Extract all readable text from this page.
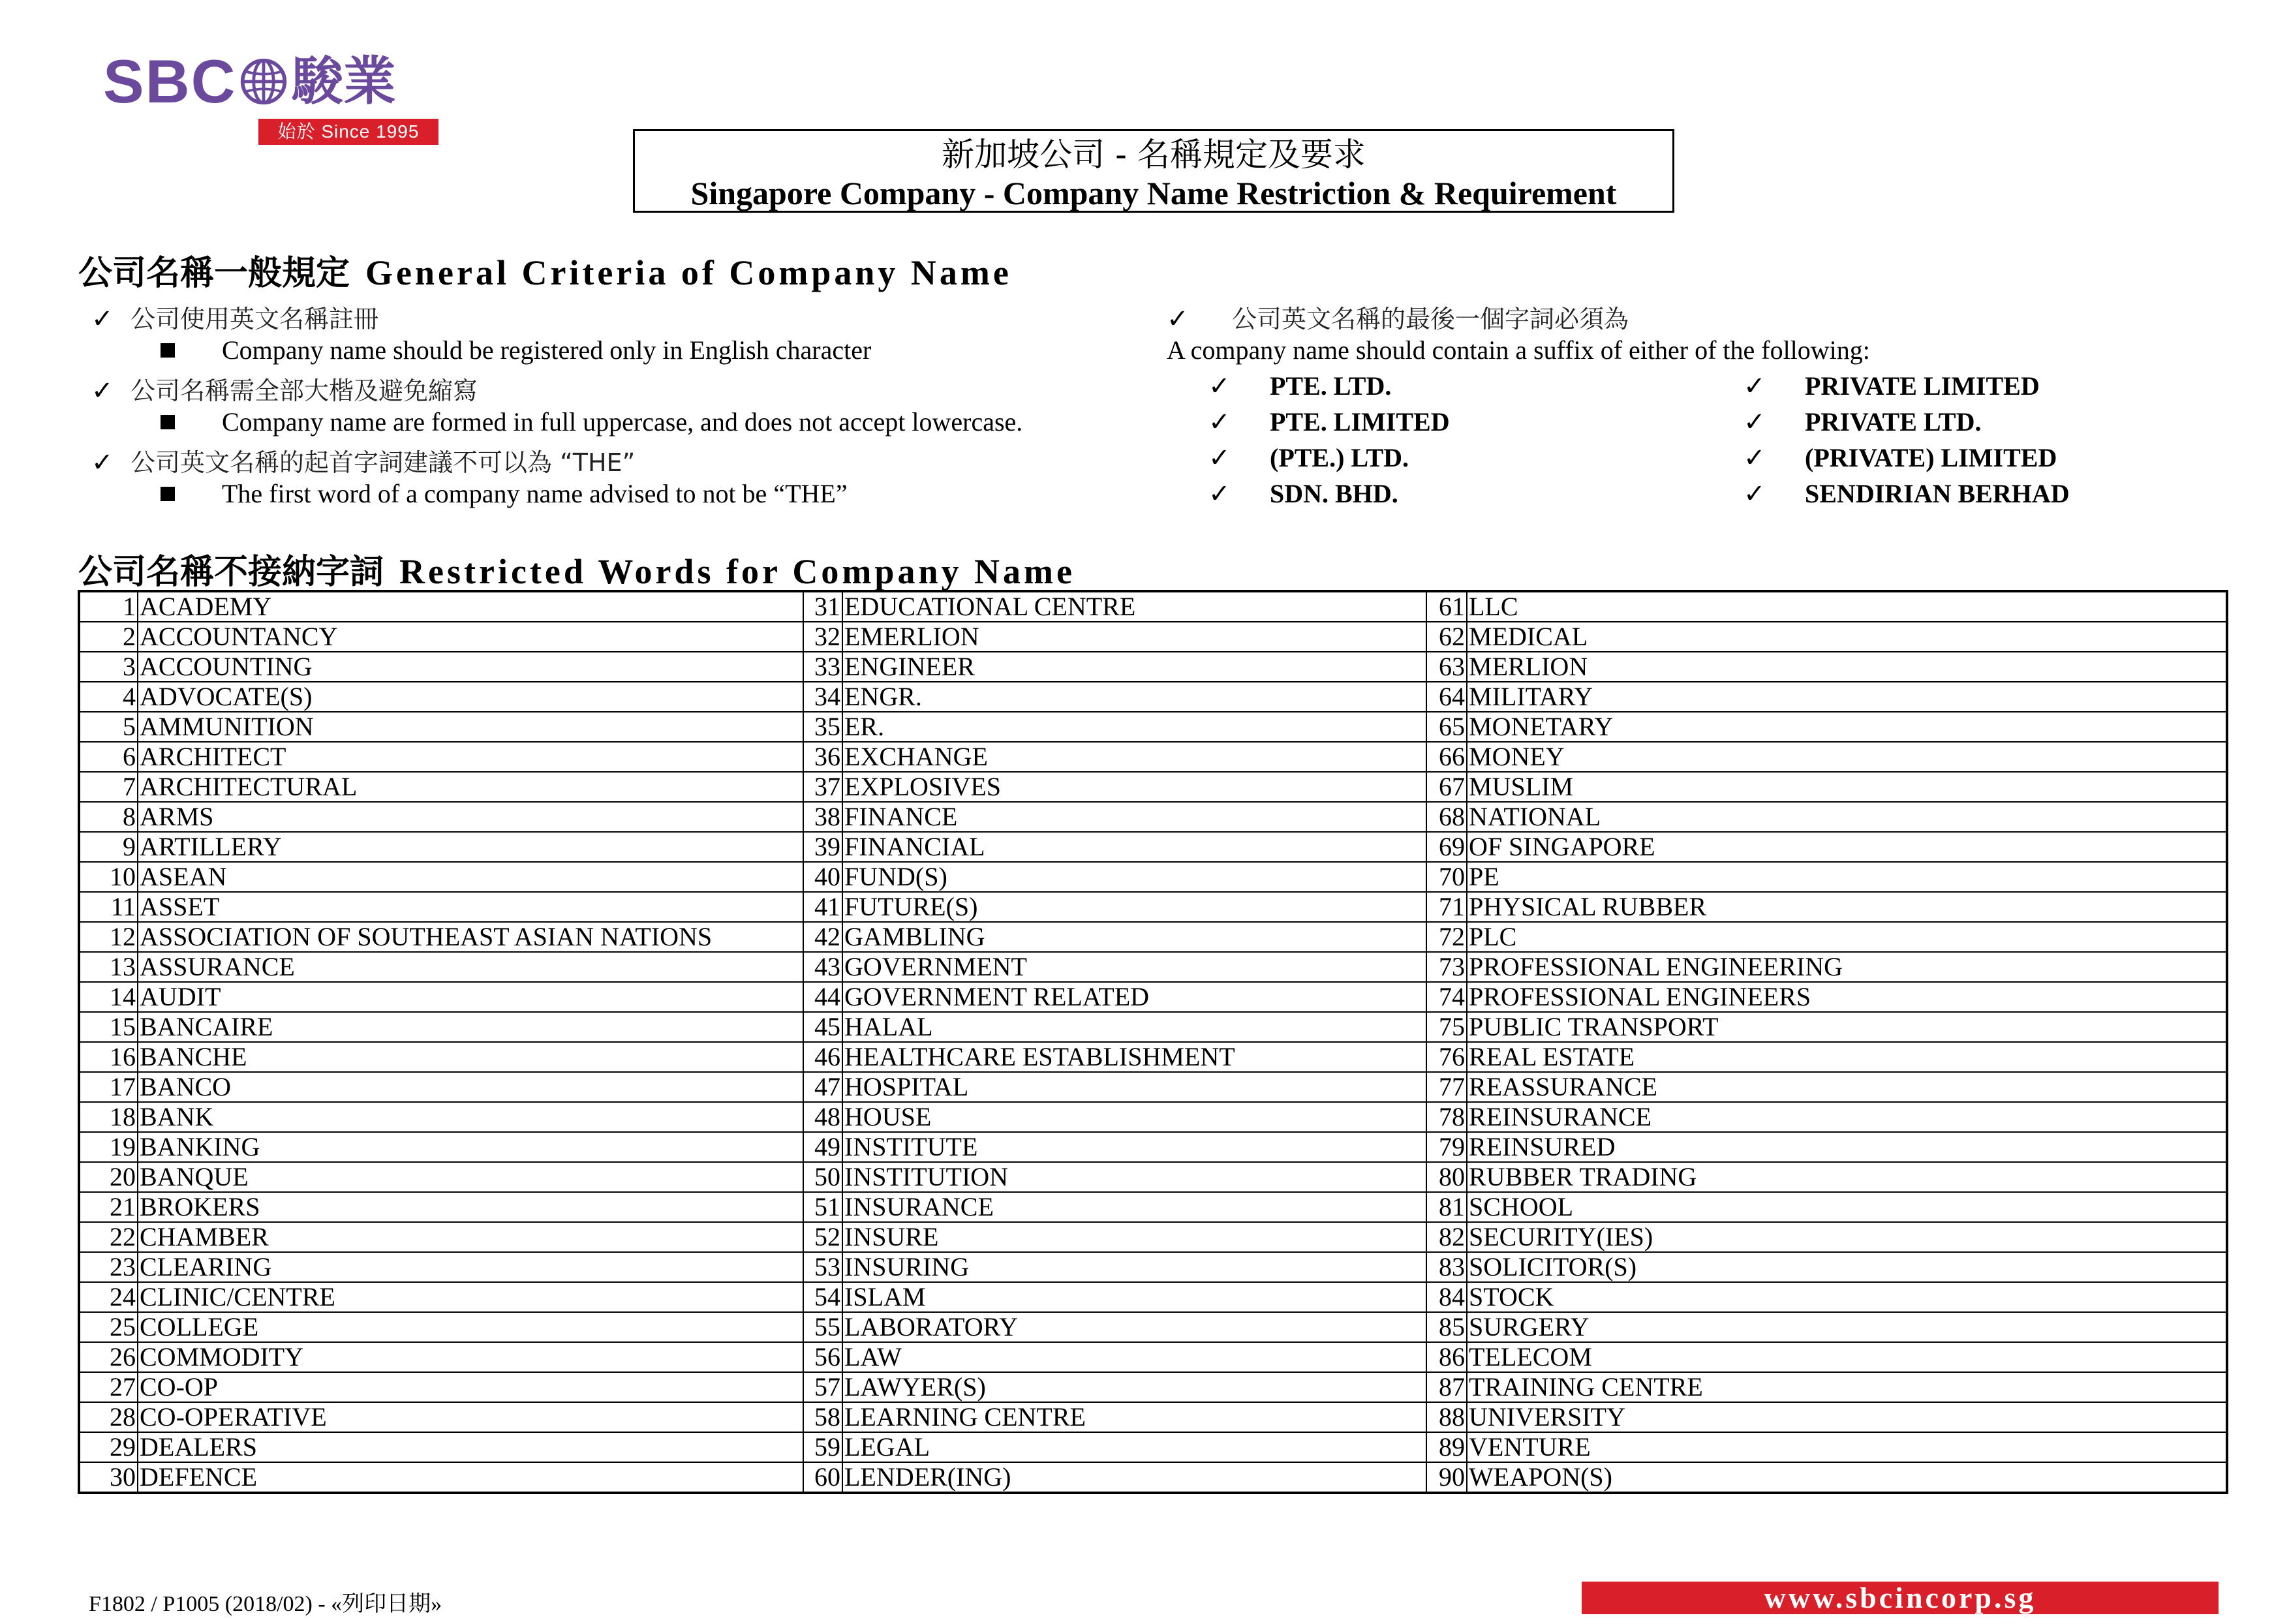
SBC 駿業
始於 Since 1995
新加坡公司 - 名稱規定及要求
Singapore Company - Company Name Restriction & Requirement
公司名稱一般規定 General Criteria of Company Name
✓ 公司使用英文名稱註冊
Company name should be registered only in English character
✓ 公司名稱需全部大楷及避免縮寫
Company name are formed in full uppercase, and does not accept lowercase.
✓ 公司英文名稱的起首字詞建議不可以為 “THE”
The first word of a company name advised to not be “THE”
✓ 公司英文名稱的最後一個字詞必須為
A company name should contain a suffix of either of the following:
✓ PTE. LTD.
✓ PTE. LIMITED
✓ (PTE.) LTD.
✓ SDN. BHD.
✓ PRIVATE LIMITED
✓ PRIVATE LTD.
✓ (PRIVATE) LIMITED
✓ SENDIRIAN BERHAD
公司名稱不接納字詞 Restricted Words for Company Name
1	ACADEMY	31	EDUCATIONAL CENTRE	61	LLC
2	ACCOUNTANCY	32	EMERLION	62	MEDICAL
3	ACCOUNTING	33	ENGINEER	63	MERLION
4	ADVOCATE(S)	34	ENGR.	64	MILITARY
5	AMMUNITION	35	ER.	65	MONETARY
6	ARCHITECT	36	EXCHANGE	66	MONEY
7	ARCHITECTURAL	37	EXPLOSIVES	67	MUSLIM
8	ARMS	38	FINANCE	68	NATIONAL
9	ARTILLERY	39	FINANCIAL	69	OF SINGAPORE
10	ASEAN	40	FUND(S)	70	PE
11	ASSET	41	FUTURE(S)	71	PHYSICAL RUBBER
12	ASSOCIATION OF SOUTHEAST ASIAN NATIONS	42	GAMBLING	72	PLC
13	ASSURANCE	43	GOVERNMENT	73	PROFESSIONAL ENGINEERING
14	AUDIT	44	GOVERNMENT RELATED	74	PROFESSIONAL ENGINEERS
15	BANCAIRE	45	HALAL	75	PUBLIC TRANSPORT
16	BANCHE	46	HEALTHCARE ESTABLISHMENT	76	REAL ESTATE
17	BANCO	47	HOSPITAL	77	REASSURANCE
18	BANK	48	HOUSE	78	REINSURANCE
19	BANKING	49	INSTITUTE	79	REINSURED
20	BANQUE	50	INSTITUTION	80	RUBBER TRADING
21	BROKERS	51	INSURANCE	81	SCHOOL
22	CHAMBER	52	INSURE	82	SECURITY(IES)
23	CLEARING	53	INSURING	83	SOLICITOR(S)
24	CLINIC/CENTRE	54	ISLAM	84	STOCK
25	COLLEGE	55	LABORATORY	85	SURGERY
26	COMMODITY	56	LAW	86	TELECOM
27	CO-OP	57	LAWYER(S)	87	TRAINING CENTRE
28	CO-OPERATIVE	58	LEARNING CENTRE	88	UNIVERSITY
29	DEALERS	59	LEGAL	89	VENTURE
30	DEFENCE	60	LENDER(ING)	90	WEAPON(S)
F1802 / P1005 (2018/02) - «列印日期»	www.sbcincorp.sg
